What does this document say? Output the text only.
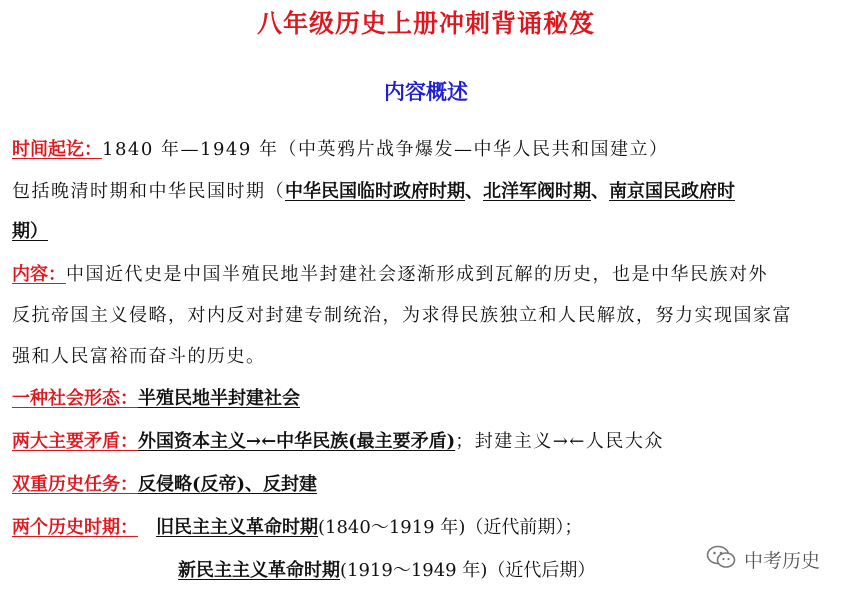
八年级历史上册冲刺背诵秘笈
内容概述
时间起讫：1840 年—1949 年（中英鸦片战争爆发—中华人民共和国建立）
包括晚清时期和中华民国时期（中华民国临时政府时期、北洋军阀时期、南京国民政府时
期）
内容：中国近代史是中国半殖民地半封建社会逐渐形成到瓦解的历史，也是中华民族对外
反抗帝国主义侵略，对内反对封建专制统治，为求得民族独立和人民解放，努力实现国家富
强和人民富裕而奋斗的历史。
一种社会形态：半殖民地半封建社会
两大主要矛盾：外国资本主义→←中华民族(最主要矛盾)；封建主义→←人民大众
双重历史任务：反侵略(反帝)、反封建
两个历史时期： 旧民主主义革命时期(1840～1919 年)（近代前期）；
新民主主义革命时期(1919～1949 年)（近代后期）	中考历史
